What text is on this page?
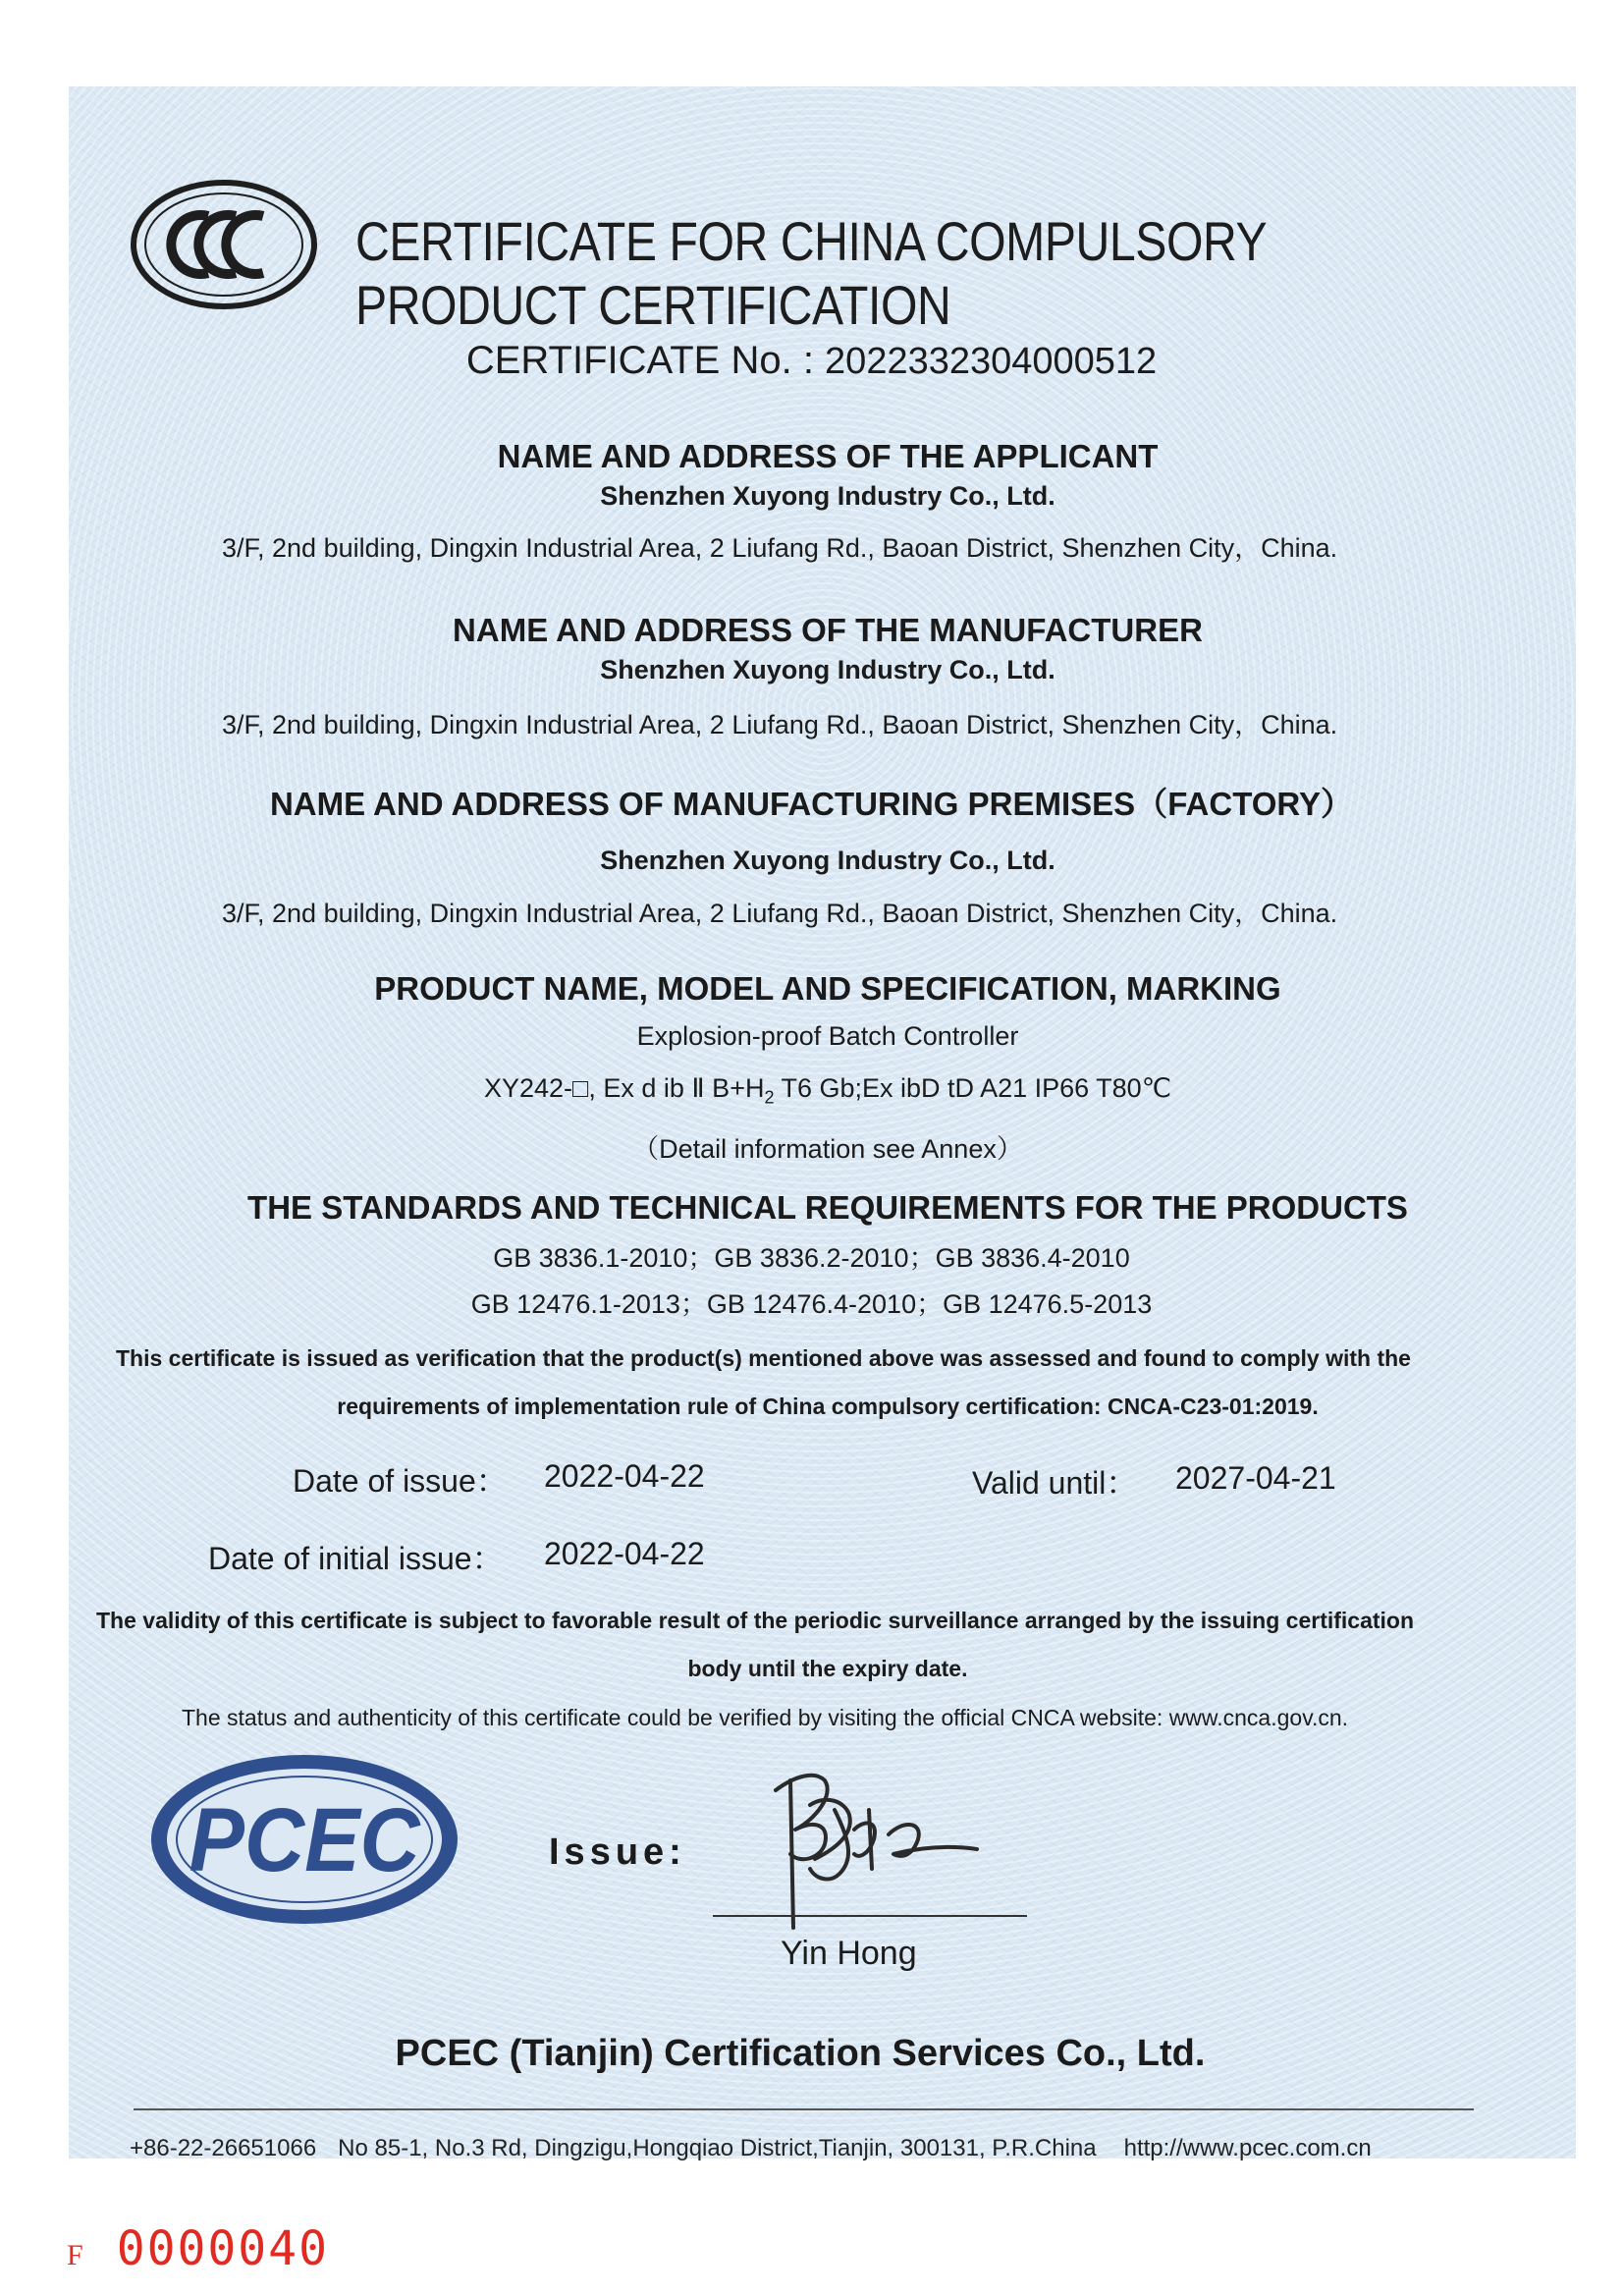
CERTIFICATE FOR CHINA COMPULSORY PRODUCT CERTIFICATION
CERTIFICATE No. : 2022332304000512
NAME AND ADDRESS OF THE APPLICANT
Shenzhen Xuyong Industry Co., Ltd.
3/F, 2nd building, Dingxin Industrial Area, 2 Liufang Rd., Baoan District, Shenzhen City，China.
NAME AND ADDRESS OF THE MANUFACTURER
Shenzhen Xuyong Industry Co., Ltd.
3/F, 2nd building, Dingxin Industrial Area, 2 Liufang Rd., Baoan District, Shenzhen City，China.
NAME AND ADDRESS OF MANUFACTURING PREMISES（FACTORY）
Shenzhen Xuyong Industry Co., Ltd.
3/F, 2nd building, Dingxin Industrial Area, 2 Liufang Rd., Baoan District, Shenzhen City，China.
PRODUCT NAME, MODEL AND SPECIFICATION, MARKING
Explosion-proof Batch Controller
XY242-□, Ex d ib Ⅱ $B+H_2$ T6 Gb;Ex ibD tD A21 IP66 T80℃
（Detail information see Annex）
THE STANDARDS AND TECHNICAL REQUIREMENTS FOR THE PRODUCTS
GB 3836.1-2010；GB 3836.2-2010；GB 3836.4-2010
GB 12476.1-2013；GB 12476.4-2010；GB 12476.5-2013
This certificate is issued as verification that the product(s) mentioned above was assessed and found to comply with the
requirements of implementation rule of China compulsory certification: CNCA-C23-01:2019.
Date of issue： 2022-04-22	Valid until： 2027-04-21
Date of initial issue： 2022-04-22
The validity of this certificate is subject to favorable result of the periodic surveillance arranged by the issuing certification
body until the expiry date.
The status and authenticity of this certificate could be verified by visiting the official CNCA website: www.cnca.gov.cn.
PCEC	Issue:
Yin Hong
PCEC (Tianjin) Certification Services Co., Ltd.
+86-22-26651066 No 85-1, No.3 Rd, Dingzigu,Hongqiao District,Tianjin, 300131, P.R.China http://www.pcec.com.cn
F 0000040
